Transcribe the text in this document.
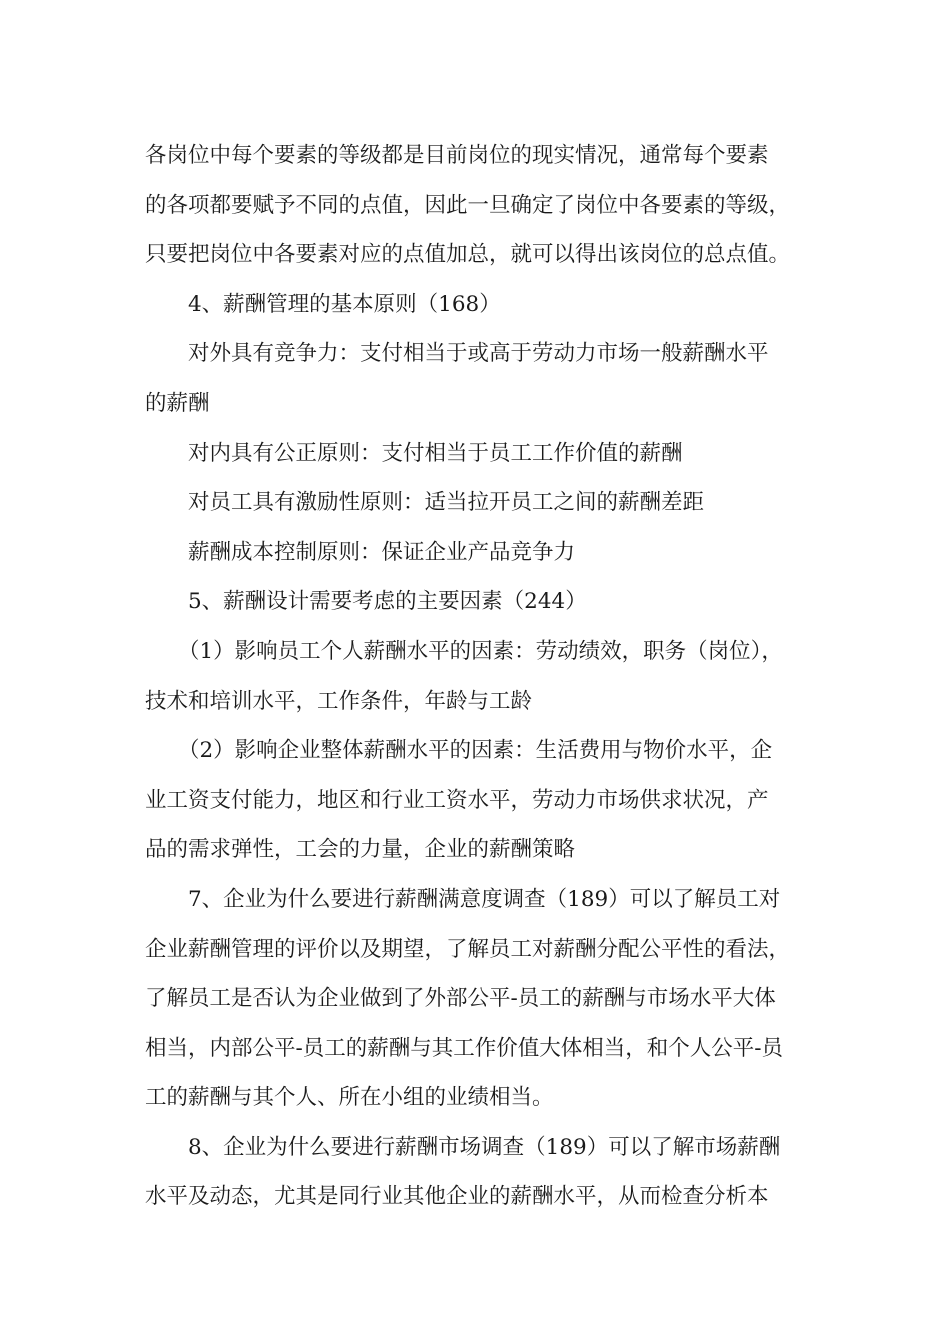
各岗位中每个要素的等级都是目前岗位的现实情况，通常每个要素
的各项都要赋予不同的点值，因此一旦确定了岗位中各要素的等级，
只要把岗位中各要素对应的点值加总，就可以得出该岗位的总点值。
4、薪酬管理的基本原则（168）
对外具有竞争力：支付相当于或高于劳动力市场一般薪酬水平
的薪酬
对内具有公正原则：支付相当于员工工作价值的薪酬
对员工具有激励性原则：适当拉开员工之间的薪酬差距
薪酬成本控制原则：保证企业产品竞争力
5、薪酬设计需要考虑的主要因素（244）
（1）影响员工个人薪酬水平的因素：劳动绩效，职务（岗位），
技术和培训水平，工作条件，年龄与工龄
（2）影响企业整体薪酬水平的因素：生活费用与物价水平，企
业工资支付能力，地区和行业工资水平，劳动力市场供求状况，产
品的需求弹性，工会的力量，企业的薪酬策略
7、企业为什么要进行薪酬满意度调查（189）可以了解员工对
企业薪酬管理的评价以及期望，了解员工对薪酬分配公平性的看法，
了解员工是否认为企业做到了外部公平-员工的薪酬与市场水平大体
相当，内部公平-员工的薪酬与其工作价值大体相当，和个人公平-员
工的薪酬与其个人、所在小组的业绩相当。
8、企业为什么要进行薪酬市场调查（189）可以了解市场薪酬
水平及动态，尤其是同行业其他企业的薪酬水平，从而检查分析本
